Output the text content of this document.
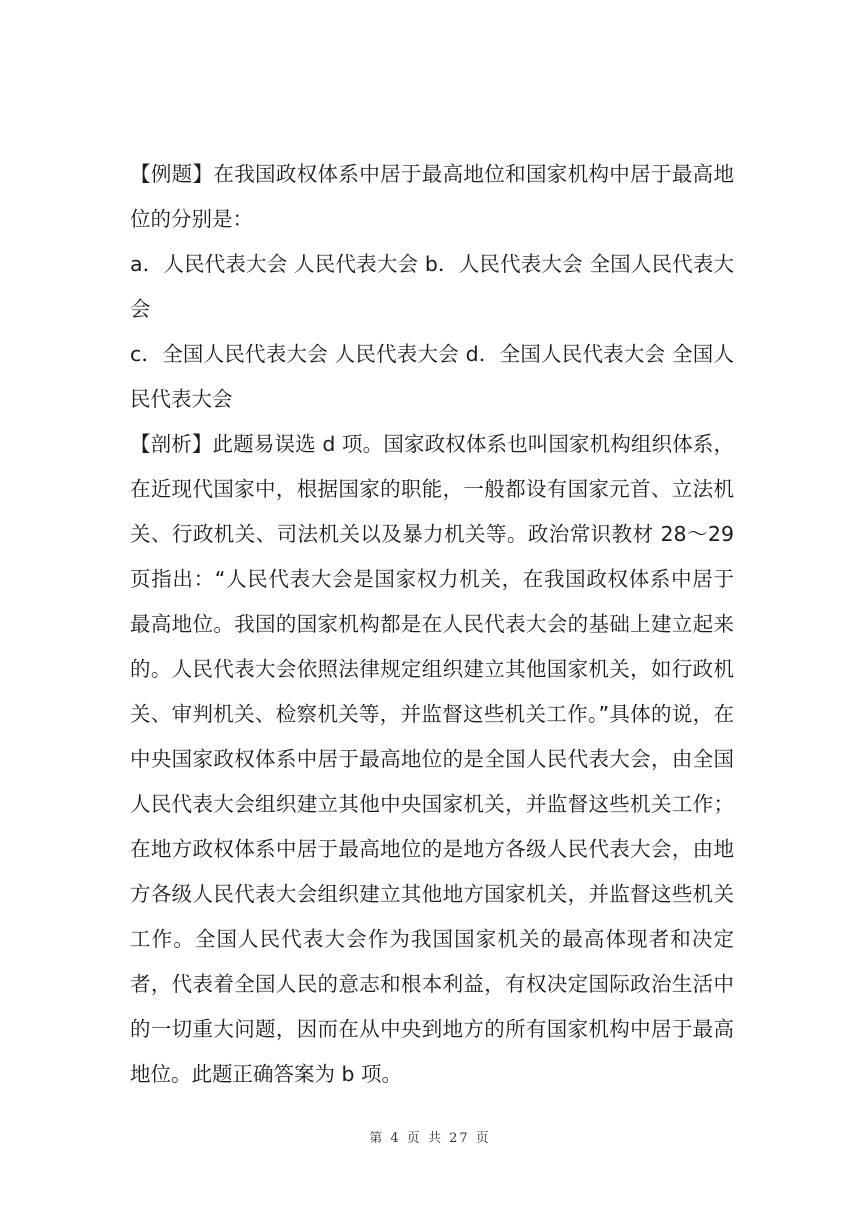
【例题】在我国政权体系中居于最高地位和国家机构中居于最高地位的分别是：

a．人民代表大会 人民代表大会 b．人民代表大会 全国人民代表大会

c．全国人民代表大会 人民代表大会 d．全国人民代表大会 全国人民代表大会

【剖析】此题易误选 d 项。国家政权体系也叫国家机构组织体系，在近现代国家中，根据国家的职能，一般都设有国家元首、立法机关、行政机关、司法机关以及暴力机关等。政治常识教材 28～29 页指出：“人民代表大会是国家权力机关，在我国政权体系中居于最高地位。我国的国家机构都是在人民代表大会的基础上建立起来的。人民代表大会依照法律规定组织建立其他国家机关，如行政机关、审判机关、检察机关等，并监督这些机关工作。”具体的说，在中央国家政权体系中居于最高地位的是全国人民代表大会，由全国人民代表大会组织建立其他中央国家机关，并监督这些机关工作；在地方政权体系中居于最高地位的是地方各级人民代表大会，由地方各级人民代表大会组织建立其他地方国家机关，并监督这些机关工作。全国人民代表大会作为我国国家机关的最高体现者和决定者，代表着全国人民的意志和根本利益，有权决定国际政治生活中的一切重大问题，因而在从中央到地方的所有国家机构中居于最高地位。此题正确答案为 b 项。

第 4 页 共 27 页
